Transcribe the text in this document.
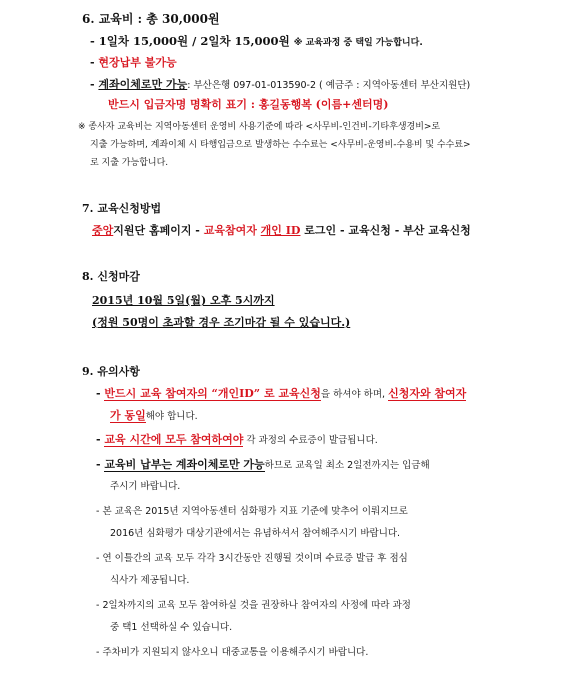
6. 교육비 : 총 30,000원
- 1일차 15,000원 / 2일차 15,000원 ※ 교육과정 중 택일 가능합니다.
- 현장납부 불가능
- 계좌이체로만 가능: 부산은행 097-01-013590-2 ( 예금주 : 지역아동센터 부산지원단)
반드시 입금자명 명확히 표기 : 홍길동행복 (이름+센터명)
※ 종사자 교육비는 지역아동센터 운영비 사용기준에 따라 <사무비-인건비-기타후생경비>로
지출 가능하며, 계좌이체 시 타행입금으로 발생하는 수수료는 <사무비-운영비-수용비 및 수수료>
로 지출 가능합니다.
7. 교육신청방법
중앙지원단 홈페이지 - 교육참여자 개인 ID 로그인 - 교육신청 - 부산 교육신청
8. 신청마감
2015년 10월 5일(월) 오후 5시까지
(정원 50명이 초과할 경우 조기마감 될 수 있습니다.)
9. 유의사항
- 반드시 교육 참여자의 “개인ID” 로 교육신청을 하셔야 하며, 신청자와 참여자
가 동일해야 합니다.
- 교육 시간에 모두 참여하여야 각 과정의 수료증이 발급됩니다.
- 교육비 납부는 계좌이체로만 가능하므로 교육일 최소 2일전까지는 입금해
주시기 바랍니다.
- 본 교육은 2015년 지역아동센터 심화평가 지표 기준에 맞추어 이뤄지므로
2016년 심화평가 대상기관에서는 유념하셔서 참여해주시기 바랍니다.
- 연 이틀간의 교육 모두 각각 3시간동안 진행될 것이며 수료증 발급 후 점심
식사가 제공됩니다.
- 2일차까지의 교육 모두 참여하실 것을 권장하나 참여자의 사정에 따라 과정
중 택1 선택하실 수 있습니다.
- 주차비가 지원되지 않사오니 대중교통을 이용해주시기 바랍니다.
